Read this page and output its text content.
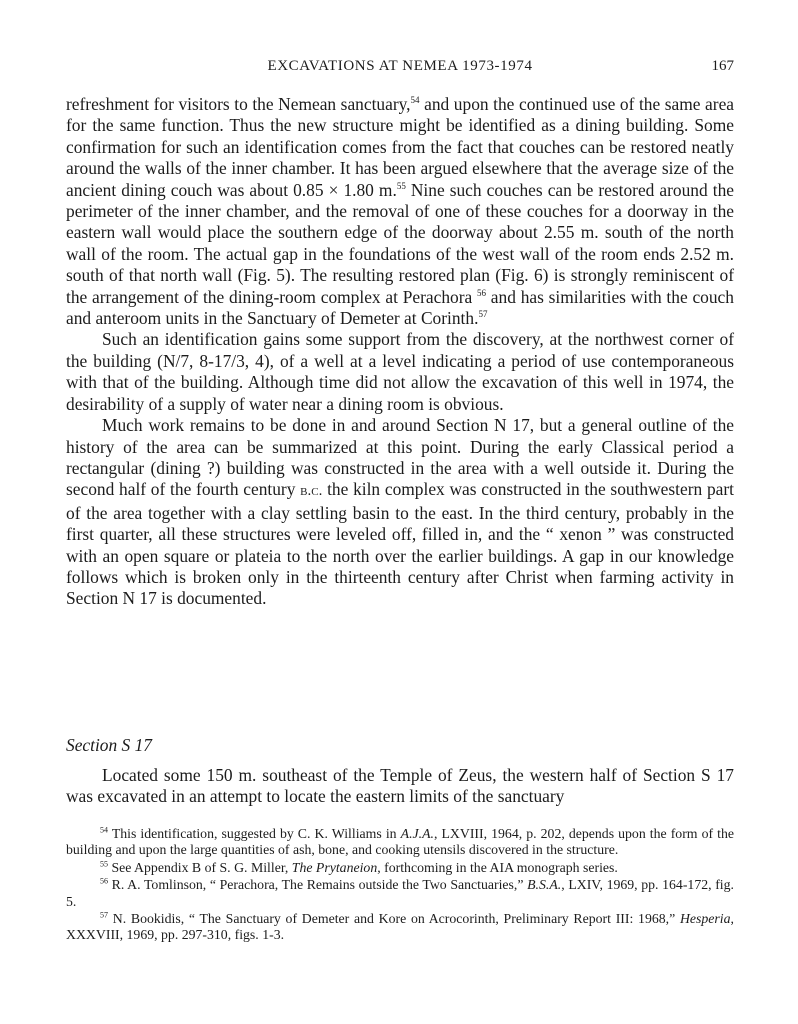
EXCAVATIONS AT NEMEA 1973-1974	167

refreshment for visitors to the Nemean sanctuary,$^{54}$ and upon the continued use of the same area for the same function. Thus the new structure might be identified as a dining building. Some confirmation for such an identification comes from the fact that couches can be restored neatly around the walls of the inner chamber. It has been argued elsewhere that the average size of the ancient dining couch was about 0.85 × 1.80 m.$^{55}$ Nine such couches can be restored around the perimeter of the inner chamber, and the removal of one of these couches for a doorway in the eastern wall would place the southern edge of the doorway about 2.55 m. south of the north wall of the room. The actual gap in the foundations of the west wall of the room ends 2.52 m. south of that north wall (Fig. 5). The resulting restored plan (Fig. 6) is strongly reminiscent of the arrangement of the dining-room complex at Perachora $^{56}$ and has similarities with the couch and anteroom units in the Sanctuary of Demeter at Corinth.$^{57}$

Such an identification gains some support from the discovery, at the northwest corner of the building (N/7, 8-17/3, 4), of a well at a level indicating a period of use contemporaneous with that of the building. Although time did not allow the excavation of this well in 1974, the desirability of a supply of water near a dining room is obvious.

Much work remains to be done in and around Section N 17, but a general outline of the history of the area can be summarized at this point. During the early Classical period a rectangular (dining ?) building was constructed in the area with a well outside it. During the second half of the fourth century b.c. the kiln complex was constructed in the southwestern part of the area together with a clay settling basin to the east. In the third century, probably in the first quarter, all these structures were leveled off, filled in, and the “ xenon ” was constructed with an open square or plateia to the north over the earlier buildings. A gap in our knowledge follows which is broken only in the thirteenth century after Christ when farming activity in Section N 17 is documented.

Section S 17

Located some 150 m. southeast of the Temple of Zeus, the western half of Section S 17 was excavated in an attempt to locate the eastern limits of the sanctuary

$^{54}$ This identification, suggested by C. K. Williams in A.J.A., LXVIII, 1964, p. 202, depends upon the form of the building and upon the large quantities of ash, bone, and cooking utensils discovered in the structure.

$^{55}$ See Appendix B of S. G. Miller, The Prytaneion, forthcoming in the AIA monograph series.

$^{56}$ R. A. Tomlinson, “ Perachora, The Remains outside the Two Sanctuaries,” B.S.A., LXIV, 1969, pp. 164-172, fig. 5.

$^{57}$ N. Bookidis, “ The Sanctuary of Demeter and Kore on Acrocorinth, Preliminary Report III: 1968,” Hesperia, XXXVIII, 1969, pp. 297-310, figs. 1-3.
